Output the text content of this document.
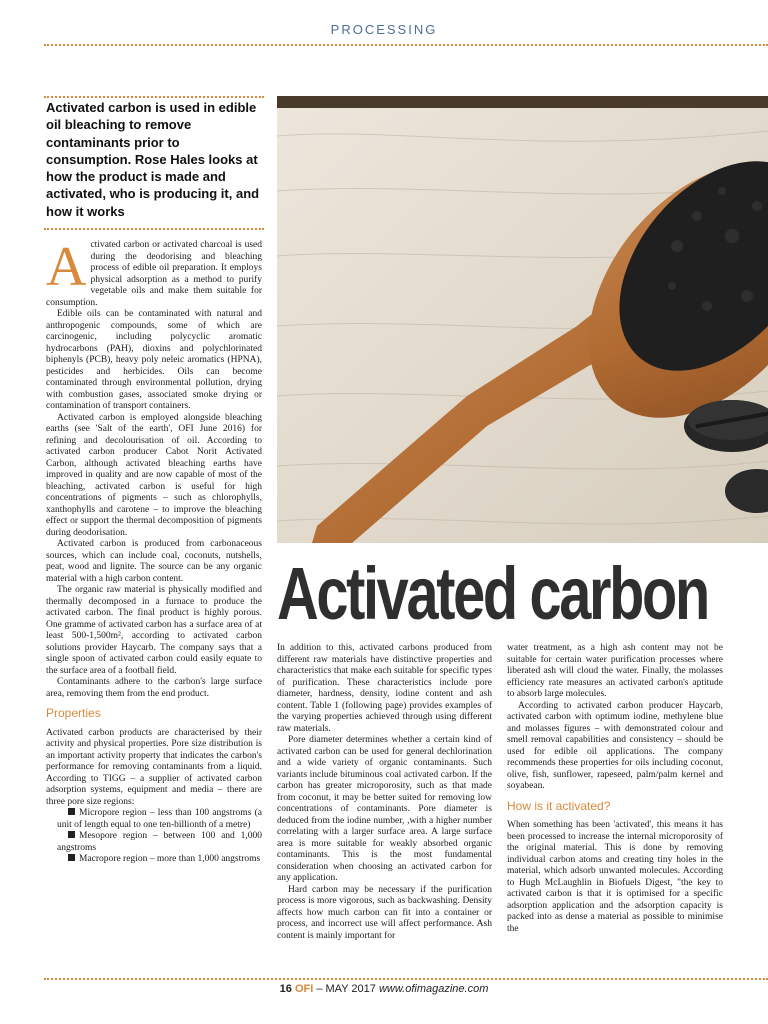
PROCESSING
Activated carbon is used in edible oil bleaching to remove contaminants prior to consumption. Rose Hales looks at how the product is made and activated, who is producing it, and how it works
Activated carbon

Activated carbon or activated charcoal is used during the deodorising and bleaching process of edible oil preparation. It employs physical adsorption as a method to purify vegetable oils and make them suitable for consumption.

Edible oils can be contaminated with natural and anthropogenic compounds, some of which are carcinogenic, including polycyclic aromatic hydrocarbons (PAH), dioxins and polychlorinated biphenyls (PCB), heavy poly neleic aromatics (HPNA), pesticides and herbicides. Oils can become contaminated through environmental pollution, drying with combustion gases, associated smoke drying or contamination of transport containers.

Activated carbon is employed alongside bleaching earths (see 'Salt of the earth', OFI June 2016) for refining and decolourisation of oil. According to activated carbon producer Cabot Norit Activated Carbon, although activated bleaching earths have improved in quality and are now capable of most of the bleaching, activated carbon is useful for high concentrations of pigments – such as chlorophylls, xanthophylls and carotene – to improve the bleaching effect or support the thermal decomposition of pigments during deodorisation.

Activated carbon is produced from carbonaceous sources, which can include coal, coconuts, nutshells, peat, wood and lignite. The source can be any organic material with a high carbon content.

The organic raw material is physically modified and thermally decomposed in a furnace to produce the activated carbon. The final product is highly porous. One gramme of activated carbon has a surface area of at least 500-1,500m², according to activated carbon solutions provider Haycarb. The company says that a single spoon of activated carbon could easily equate to the surface area of a football field.

Contaminants adhere to the carbon's large surface area, removing them from the end product.

Properties

Activated carbon products are characterised by their activity and physical properties. Pore size distribution is an important activity property that indicates the carbon's performance for removing contaminants from a liquid. According to TIGG – a supplier of activated carbon adsorption systems, equipment and media – there are three pore size regions:

Micropore region – less than 100 angstroms (a unit of length equal to one ten-billionth of a metre)

Mesopore region – between 100 and 1,000 angstroms

Macropore region – more than 1,000 angstroms

In addition to this, activated carbons produced from different raw materials have distinctive properties and characteristics that make each suitable for specific types of purification. These characteristics include pore diameter, hardness, density, iodine content and ash content. Table 1 (following page) provides examples of the varying properties achieved through using different raw materials.

Pore diameter determines whether a certain kind of activated carbon can be used for general dechlorination and a wide variety of organic contaminants. Such variants include bituminous coal activated carbon. If the carbon has greater microporosity, such as that made from coconut, it may be better suited for removing low concentrations of contaminants. Pore diameter is deduced from the iodine number, ,with a higher number correlating with a larger surface area. A large surface area is more suitable for weakly absorbed organic contaminants. This is the most fundamental consideration when choosing an activated carbon for any application.

Hard carbon may be necessary if the purification process is more vigorous, such as backwashing. Density affects how much carbon can fit into a container or process, and incorrect use will affect performance. Ash content is mainly important for

water treatment, as a high ash content may not be suitable for certain water purification processes where liberated ash will cloud the water. Finally, the molasses efficiency rate measures an activated carbon's aptitude to absorb large molecules.

According to activated carbon producer Haycarb, activated carbon with optimum iodine, methylene blue and molasses figures – with demonstrated colour and smell removal capabilities and consistency – should be used for edible oil applications. The company recommends these properties for oils including coconut, olive, fish, sunflower, rapeseed, palm/palm kernel and soyabean.

How is it activated?

When something has been 'activated', this means it has been processed to increase the internal microporosity of the original material. This is done by removing individual carbon atoms and creating tiny holes in the material, which adsorb unwanted molecules. According to Hugh McLaughlin in Biofuels Digest, "the key to activated carbon is that it is optimised for a specific adsorption application and the adsorption capacity is packed into as dense a material as possible to minimise the

16 OFI – MAY 2017 www.ofimagazine.com
